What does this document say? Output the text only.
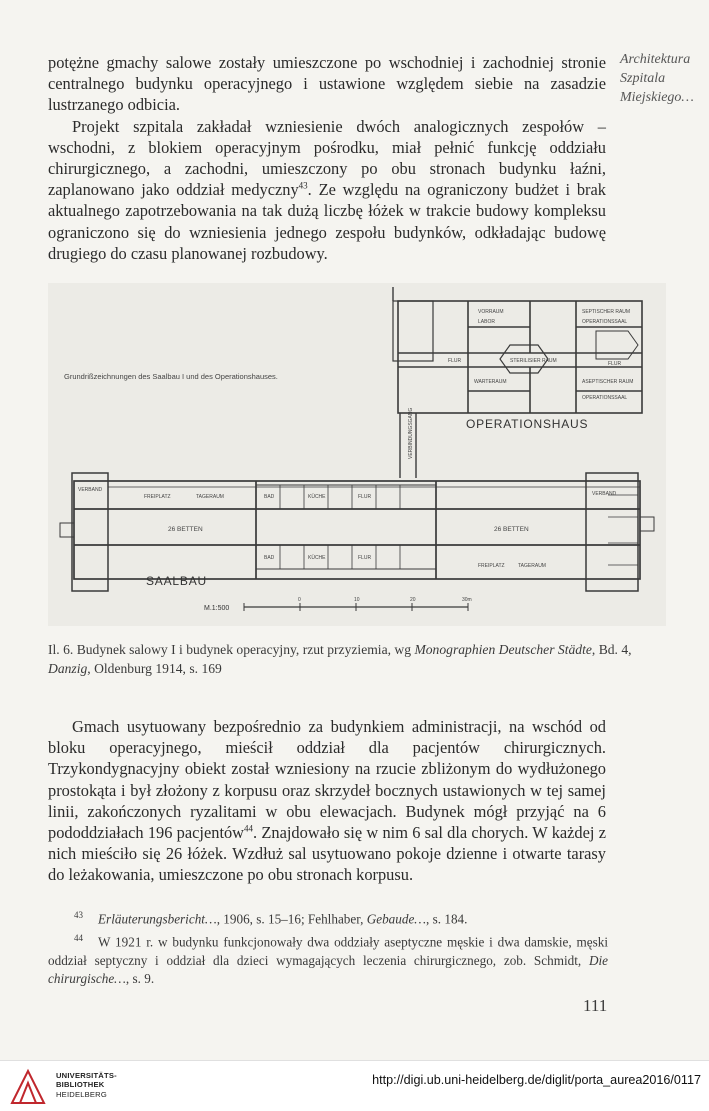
potężne gmachy salowe zostały umieszczone po wschodniej i zachodniej stronie centralnego budynku operacyjnego i ustawione względem siebie na zasadzie lustrzanego odbicia.

Projekt szpitala zakładał wzniesienie dwóch analogicznych zespołów – wschodni, z blokiem operacyjnym pośrodku, miał pełnić funkcję oddziału chirurgicznego, a zachodni, umieszczony po obu stronach budynku łaźni, zaplanowano jako oddział medyczny$^{43}$. Ze względu na ograniczony budżet i brak aktualnego zapotrzebowania na tak dużą liczbę łóżek w trakcie budowy kompleksu ograniczono się do wzniesienia jednego zespołu budynków, odkładając budowę drugiego do czasu planowanej rozbudowy.

Architektura
Szpitala
Miejskiego…
Grundrißzeichnungen des Saalbau I und des Operationshauses.
VORRAUM
LABOR
SEPTISCHER RAUM
OPERATIONSSAAL
ASEPTISCHER RAUM
OPERATIONSSAAL
WARTERAUM
STERILISIER RAUM
FLUR	FLUR
OPERATIONSHAUS
VERBINDUNGSGANG
VERBAND
FREIPLATZ	TAGERAUM	BAD	KÜCHE	FLUR	VERBAND
FREIPLATZ	TAGERAUM
BAD	KÜCHE	FLUR
26 BETTEN	26 BETTEN
SAALBAU
M.1:500
0	10	20	30m
Il. 6. Budynek salowy I i budynek operacyjny, rzut przyziemia, wg Monographien Deutscher Städte, Bd. 4, Danzig, Oldenburg 1914, s. 169

Gmach usytuowany bezpośrednio za budynkiem administracji, na wschód od bloku operacyjnego, mieścił oddział dla pacjentów chirurgicznych. Trzykondygnacyjny obiekt został wzniesiony na rzucie zbliżonym do wydłużonego prostokąta i był złożony z korpusu oraz skrzydeł bocznych ustawionych w tej samej linii, zakończonych ryzalitami w obu elewacjach. Budynek mógł przyjąć na 6 pododdziałach 196 pacjentów$^{44}$. Znajdowało się w nim 6 sal dla chorych. W każdej z nich mieściło się 26 łóżek. Wzdłuż sal usytuowano pokoje dzienne i otwarte tarasy do leżakowania, umieszczone po obu stronach korpusu.

43 Erläuterungsbericht…, 1906, s. 15–16; Fehlhaber, Gebaude…, s. 184.

44 W 1921 r. w budynku funkcjonowały dwa oddziały aseptyczne męskie i dwa damskie, męski oddział septyczny i oddział dla dzieci wymagających leczenia chirurgicznego, zob. Schmidt, Die chirurgische…, s. 9.

111
UNIVERSITÄTS-
BIBLIOTHEK
HEIDELBERG
http://digi.ub.uni-heidelberg.de/diglit/porta_aurea2016/0117
